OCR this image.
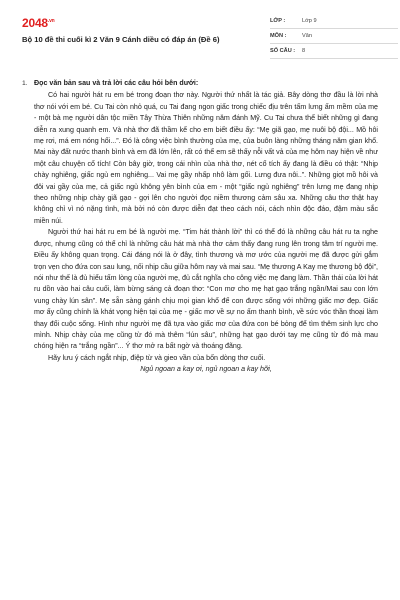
$2048^{.vn}$
Bộ 10 đề thi cuối kì 2 Văn 9 Cánh diều có đáp án (Đề 6)
LỚP :	Lớp 9
MÔN :	Văn
SỐ CÂU :	8
1. Đọc văn bản sau và trả lời các câu hỏi bên dưới:

Có hai người hát ru em bé trong đoạn thơ này. Người thứ nhất là tác giả. Bây dòng thơ đầu là lời nhà thơ nói với em bé. Cu Tai còn nhỏ quá, cu Tai đang ngon giấc trong chiếc địu trên tấm lưng ấm mềm của mẹ - một bà mẹ người dân tộc miền Tây Thừa Thiên những năm đánh Mỹ. Cu Tai chưa thể biết những gì đang diễn ra xung quanh em. Và nhà thơ đã thầm kể cho em biết điều ấy: “Mẹ giã gạo, mẹ nuôi bộ đội... Mồ hôi mẹ rơi, má em nóng hổi...”. Đó là công việc bình thường của mẹ, của buôn làng những tháng năm gian khổ. Mai này đất nước thanh bình và em đã lớn lên, rất có thể em sẽ thấy nỗi vất vả của mẹ hôm nay hiện về như một câu chuyện cổ tích! Còn bây giờ, trong cái nhìn của nhà thơ, nét cổ tích ấy đang là điều có thật: “Nhịp chày nghiêng, giấc ngủ em nghiêng... Vai mẹ gầy nhấp nhô làm gối. Lưng đưa nôi..”. Những giọt mồ hôi và đôi vai gầy của mẹ, cả giấc ngủ không yên bình của em - một “giấc ngủ nghiêng” trên lưng mẹ đang nhịp theo những nhịp chày giã gạo - gợi lên cho người đọc niềm thương cảm sâu xa. Những câu thơ thật hay không chỉ vì nó nặng tình, mà bởi nó còn được diễn đạt theo cách nói, cách nhìn độc đáo, đậm màu sắc miền núi.

Người thứ hai hát ru em bé là người mẹ. “Tim hát thành lời” thì có thể đó là những câu hát ru ta nghe được, nhưng cũng có thể chỉ là những câu hát mà nhà thơ cảm thấy đang rung lên trong tâm trí người mẹ. Điều ấy không quan trọng. Cái đáng nói là ở đây, tình thương và mơ ước của người mẹ đã được gửi gắm trọn vẹn cho đứa con sau lung, nối nhịp cầu giữa hôm nay và mai sau. “Mẹ thương A Kay mẹ thương bộ đội”, nói như thế là đủ hiểu tấm lòng của người mẹ, đủ cắt nghĩa cho công việc mẹ đang làm. Thần thái của lời hát ru dồn vào hai câu cuối, làm bừng sáng cả đoạn thơ: “Con mơ cho mẹ hạt gạo trắng ngần/Mai sau con lớn vung chày lún sân”. Mẹ sẵn sàng gánh chịu mọi gian khổ để con được sống với những giấc mơ đẹp. Giấc mơ ấy cũng chính là khát vọng hiện tại của mẹ - giấc mơ về sự no ấm thanh bình, về sức vóc thần thoại làm thay đổi cuộc sống. Hình như người mẹ đã tựa vào giấc mơ của đứa con bé bỏng để tìm thêm sinh lực cho mình. Nhịp chày của mẹ cũng từ đó mà thêm “lún sâu”, những hạt gạo dưới tay mẹ cũng từ đó mà mau chóng hiện ra “trắng ngần”... Ý thơ mở ra bất ngờ và thoáng đãng.

Hãy lưu ý cách ngắt nhịp, điệp từ và gieo vần của bốn dòng thơ cuối.

Ngủ ngoan a kay ơi, ngủ ngoan a kay hỡi,
